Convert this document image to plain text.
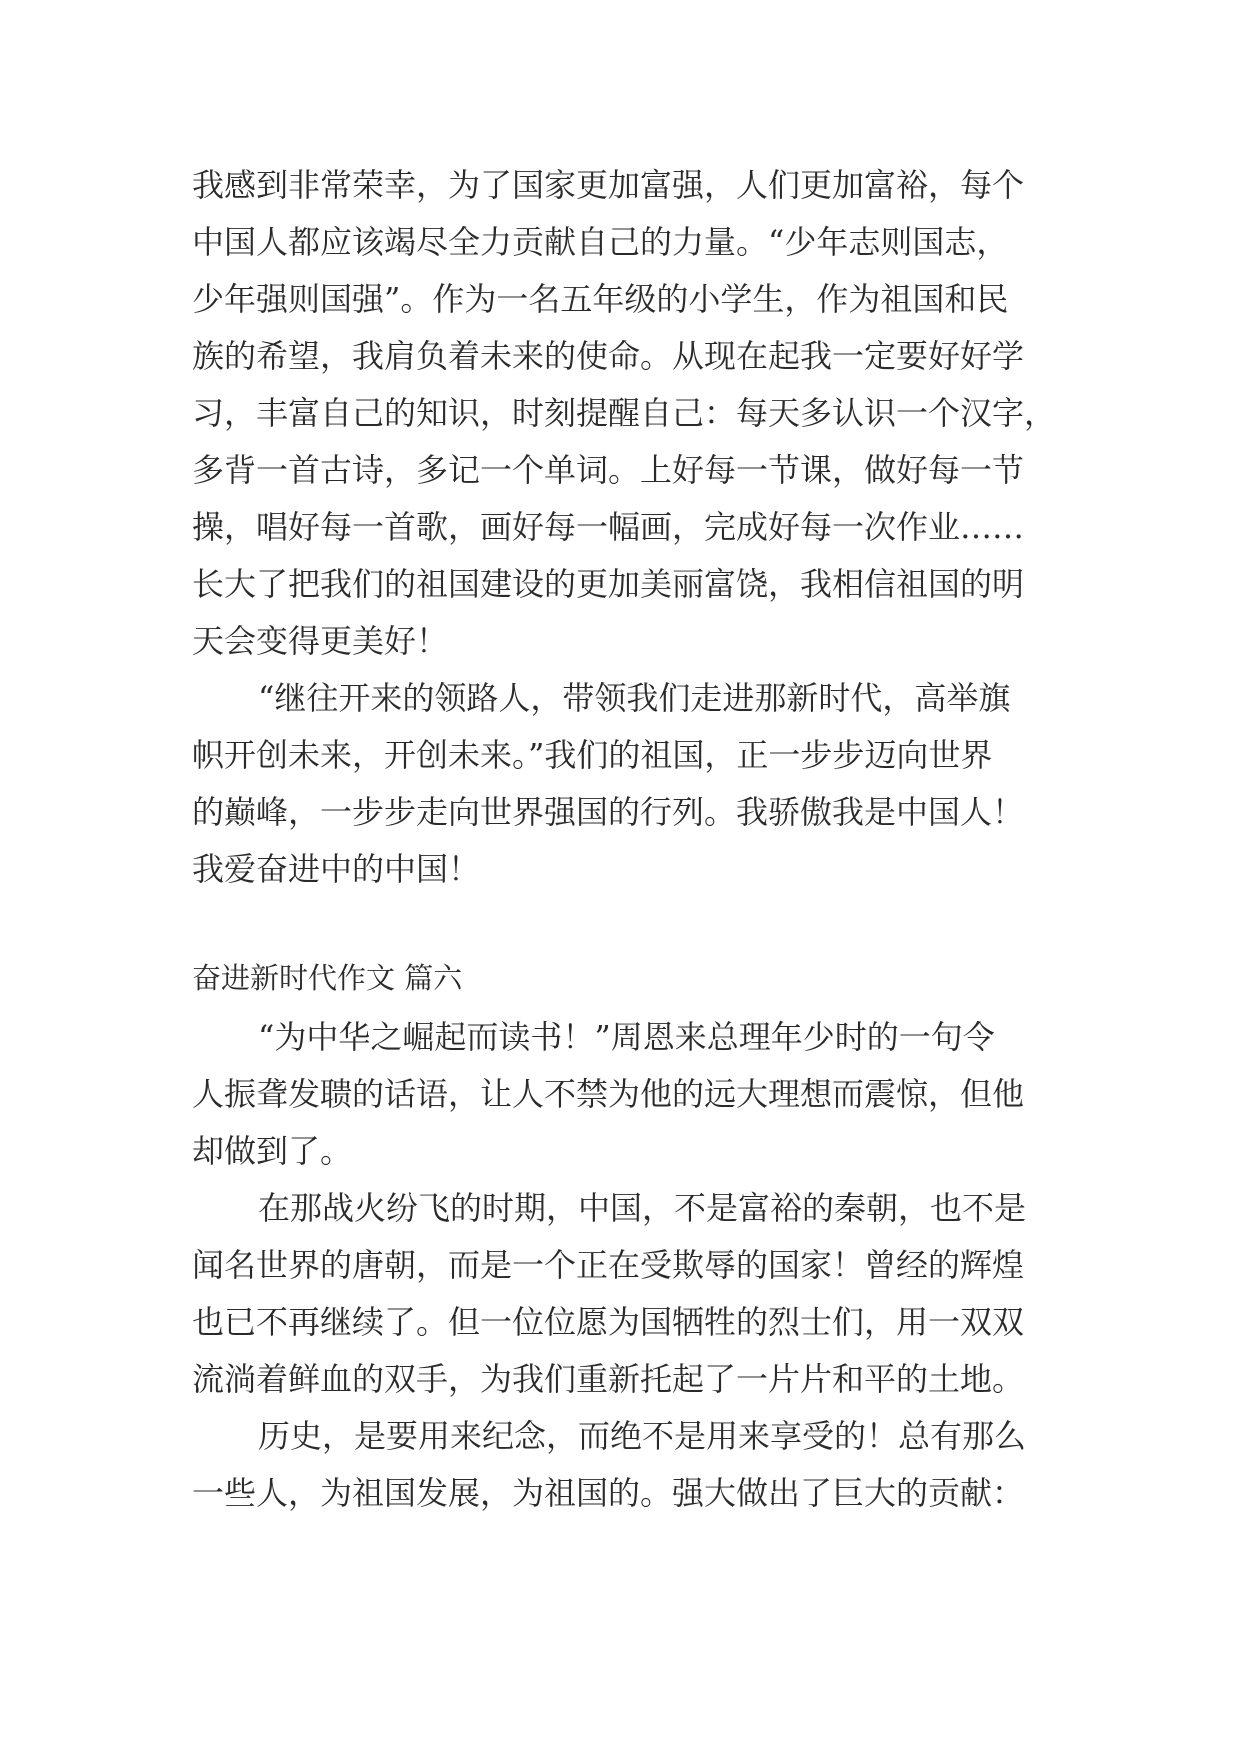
我感到非常荣幸，为了国家更加富强，人们更加富裕，每个
中国人都应该竭尽全力贡献自己的力量。“少年志则国志，
少年强则国强”。作为一名五年级的小学生，作为祖国和民
族的希望，我肩负着未来的使命。从现在起我一定要好好学
习，丰富自己的知识，时刻提醒自己：每天多认识一个汉字，
多背一首古诗，多记一个单词。上好每一节课，做好每一节
操，唱好每一首歌，画好每一幅画，完成好每一次作业……
长大了把我们的祖国建设的更加美丽富饶，我相信祖国的明
天会变得更美好！
“继往开来的领路人，带领我们走进那新时代，高举旗
帜开创未来，开创未来。”我们的祖国，正一步步迈向世界
的巅峰，一步步走向世界强国的行列。我骄傲我是中国人！
我爱奋进中的中国！
奋进新时代作文 篇六
“为中华之崛起而读书！”周恩来总理年少时的一句令
人振聋发聩的话语，让人不禁为他的远大理想而震惊，但他
却做到了。
在那战火纷飞的时期，中国，不是富裕的秦朝，也不是
闻名世界的唐朝，而是一个正在受欺辱的国家！曾经的辉煌
也已不再继续了。但一位位愿为国牺牲的烈士们，用一双双
流淌着鲜血的双手，为我们重新托起了一片片和平的土地。
历史，是要用来纪念，而绝不是用来享受的！总有那么
一些人，为祖国发展，为祖国的。强大做出了巨大的贡献：
